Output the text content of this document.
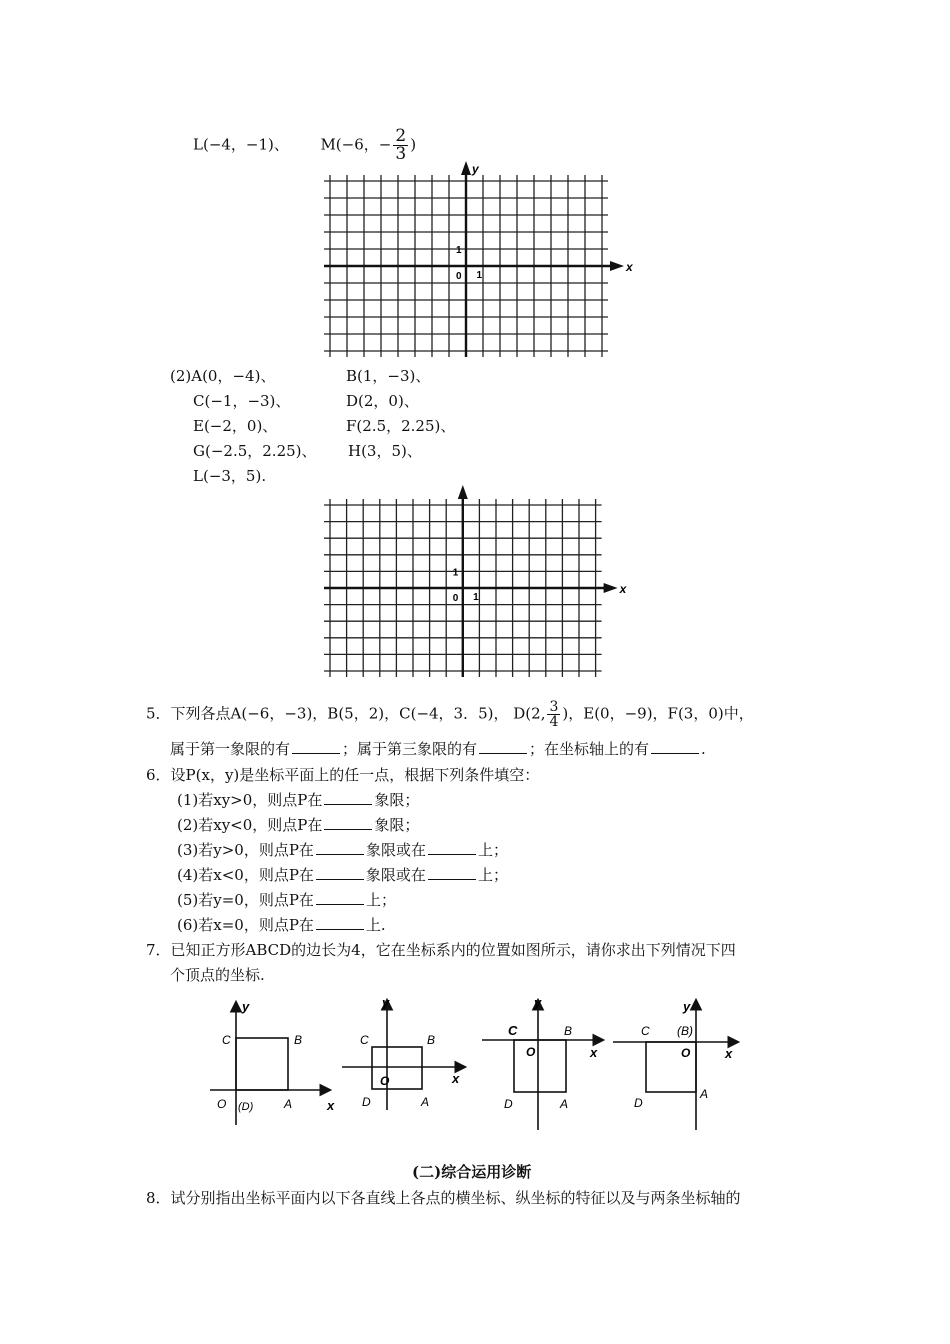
L(−4，−1)、 M(−6，− $\frac{2}{3}$ )
0 1
1
x
y
(2)A(0，−4)、	B(1，−3)、
C(−1，−3)、	D(2，0)、
E(−2，0)、	F(2.5，2.25)、
G(−2.5，2.25)、 H(3，5)、
L(−3，5).
0 1
1
x
5．下列各点A(−6，−3)，B(5，2)，C(−4，3．5)， D(2, $\frac{3}{4}$ )，E(0，−9)，F(3，0)中，
属于第一象限的有	；属于第三象限的有	；在坐标轴上的有	.
6．设P(x，y)是坐标平面上的任一点，根据下列条件填空：
(1)若xy>0，则点P在	象限；
(2)若xy<0，则点P在	象限；
(3)若y>0，则点P在	象限或在	上；
(4)若x<0，则点P在	象限或在	上；
(5)若y=0，则点P在	上；
(6)若x=0，则点P在	上.
7．已知正方形ABCD的边长为4，它在坐标系内的位置如图所示，请你求出下列情况下四
个顶点的坐标.
y
x
C	B
O (D)	A
y
x
C	B
O
D	A
y
x
C	B
O
D	A
y
x
C (B)
O
D
A
(二)综合运用诊断
8．试分别指出坐标平面内以下各直线上各点的横坐标、纵坐标的特征以及与两条坐标轴的
